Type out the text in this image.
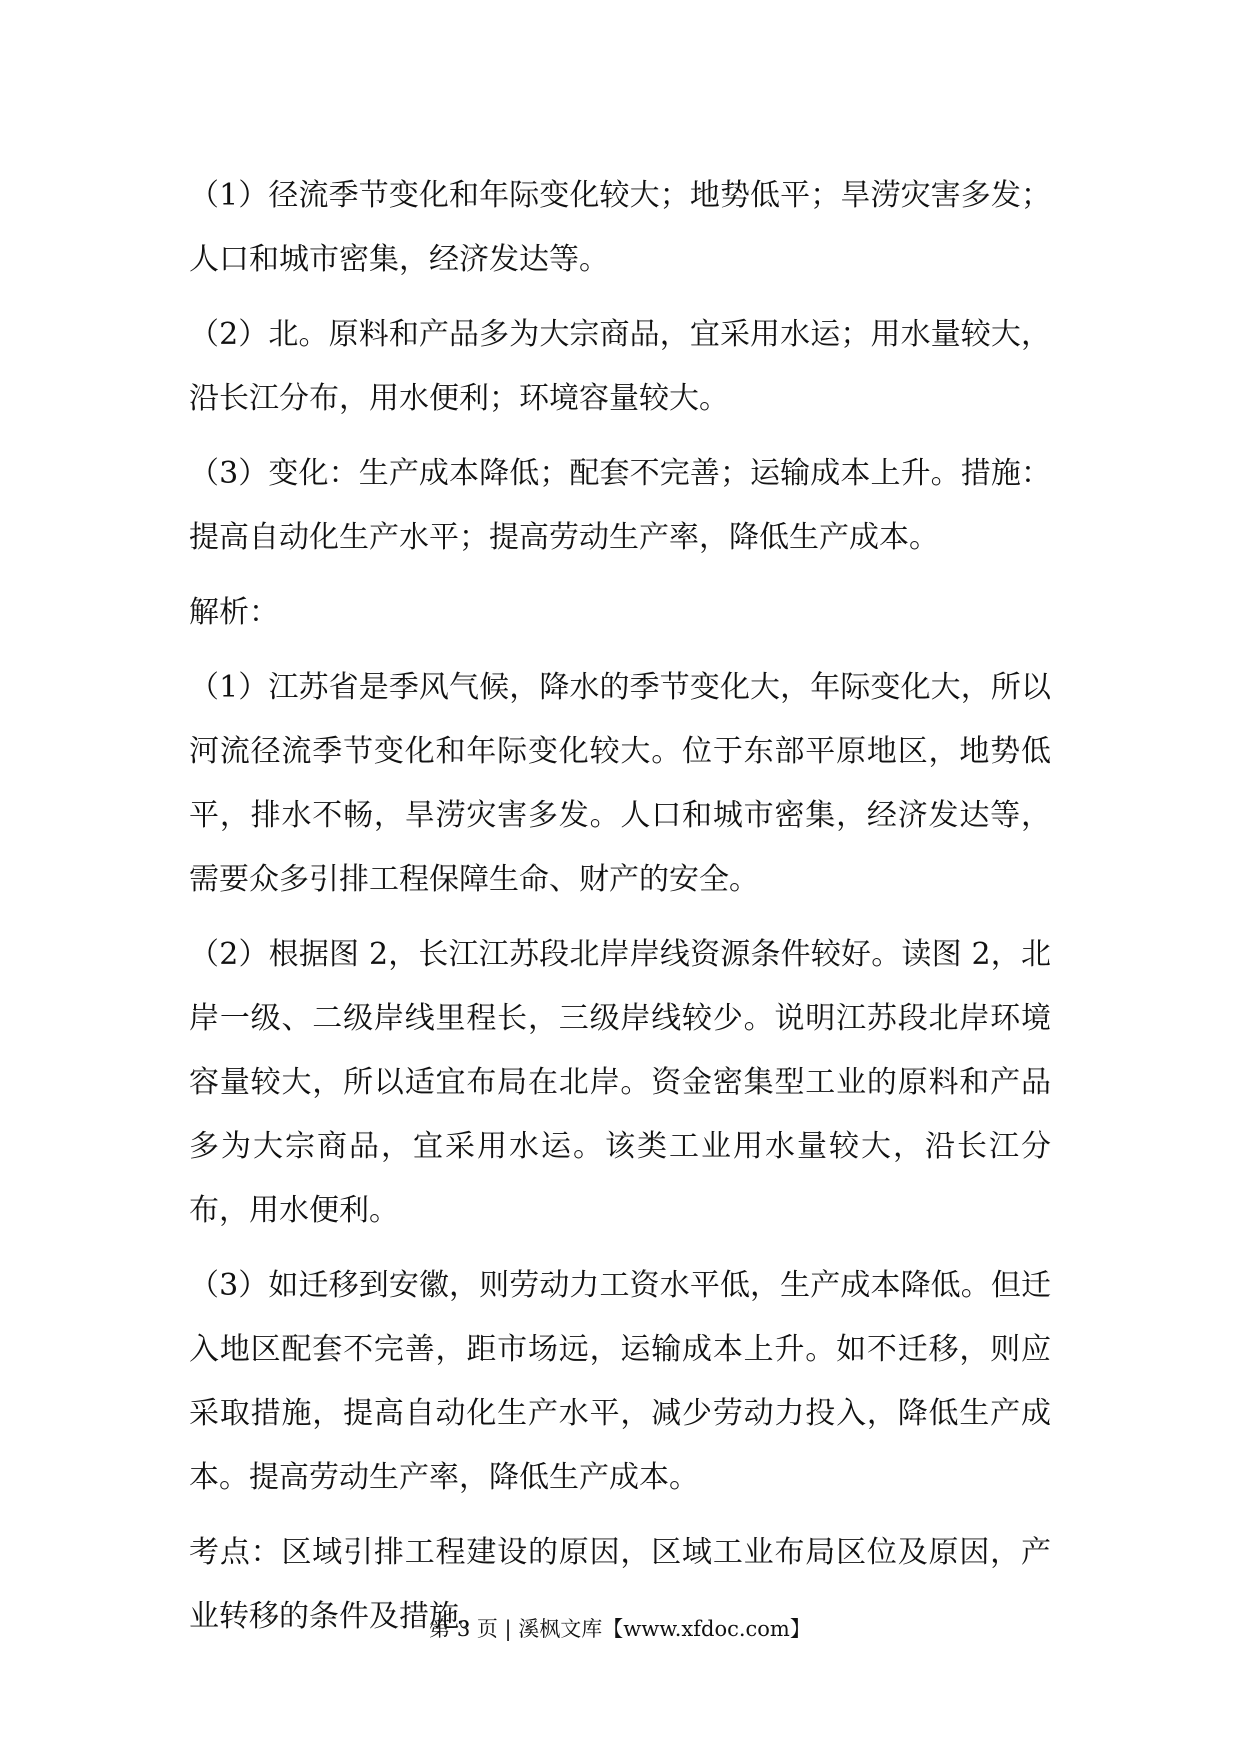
（1）径流季节变化和年际变化较大；地势低平；旱涝灾害多发；人口和城市密集，经济发达等。

（2）北。原料和产品多为大宗商品，宜采用水运；用水量较大，沿长江分布，用水便利；环境容量较大。

（3）变化：生产成本降低；配套不完善；运输成本上升。措施：提高自动化生产水平；提高劳动生产率，降低生产成本。

解析：

（1）江苏省是季风气候，降水的季节变化大，年际变化大，所以河流径流季节变化和年际变化较大。位于东部平原地区，地势低平，排水不畅，旱涝灾害多发。人口和城市密集，经济发达等，需要众多引排工程保障生命、财产的安全。

（2）根据图 2，长江江苏段北岸岸线资源条件较好。读图 2，北岸一级、二级岸线里程长，三级岸线较少。说明江苏段北岸环境容量较大，所以适宜布局在北岸。资金密集型工业的原料和产品多为大宗商品，宜采用水运。该类工业用水量较大，沿长江分布，用水便利。

（3）如迁移到安徽，则劳动力工资水平低，生产成本降低。但迁入地区配套不完善，距市场远，运输成本上升。如不迁移，则应采取措施，提高自动化生产水平，减少劳动力投入，降低生产成本。提高劳动生产率，降低生产成本。

考点：区域引排工程建设的原因，区域工业布局区位及原因，产业转移的条件及措施。

第 3 页 | 溪枫文库【www.xfdoc.com】
